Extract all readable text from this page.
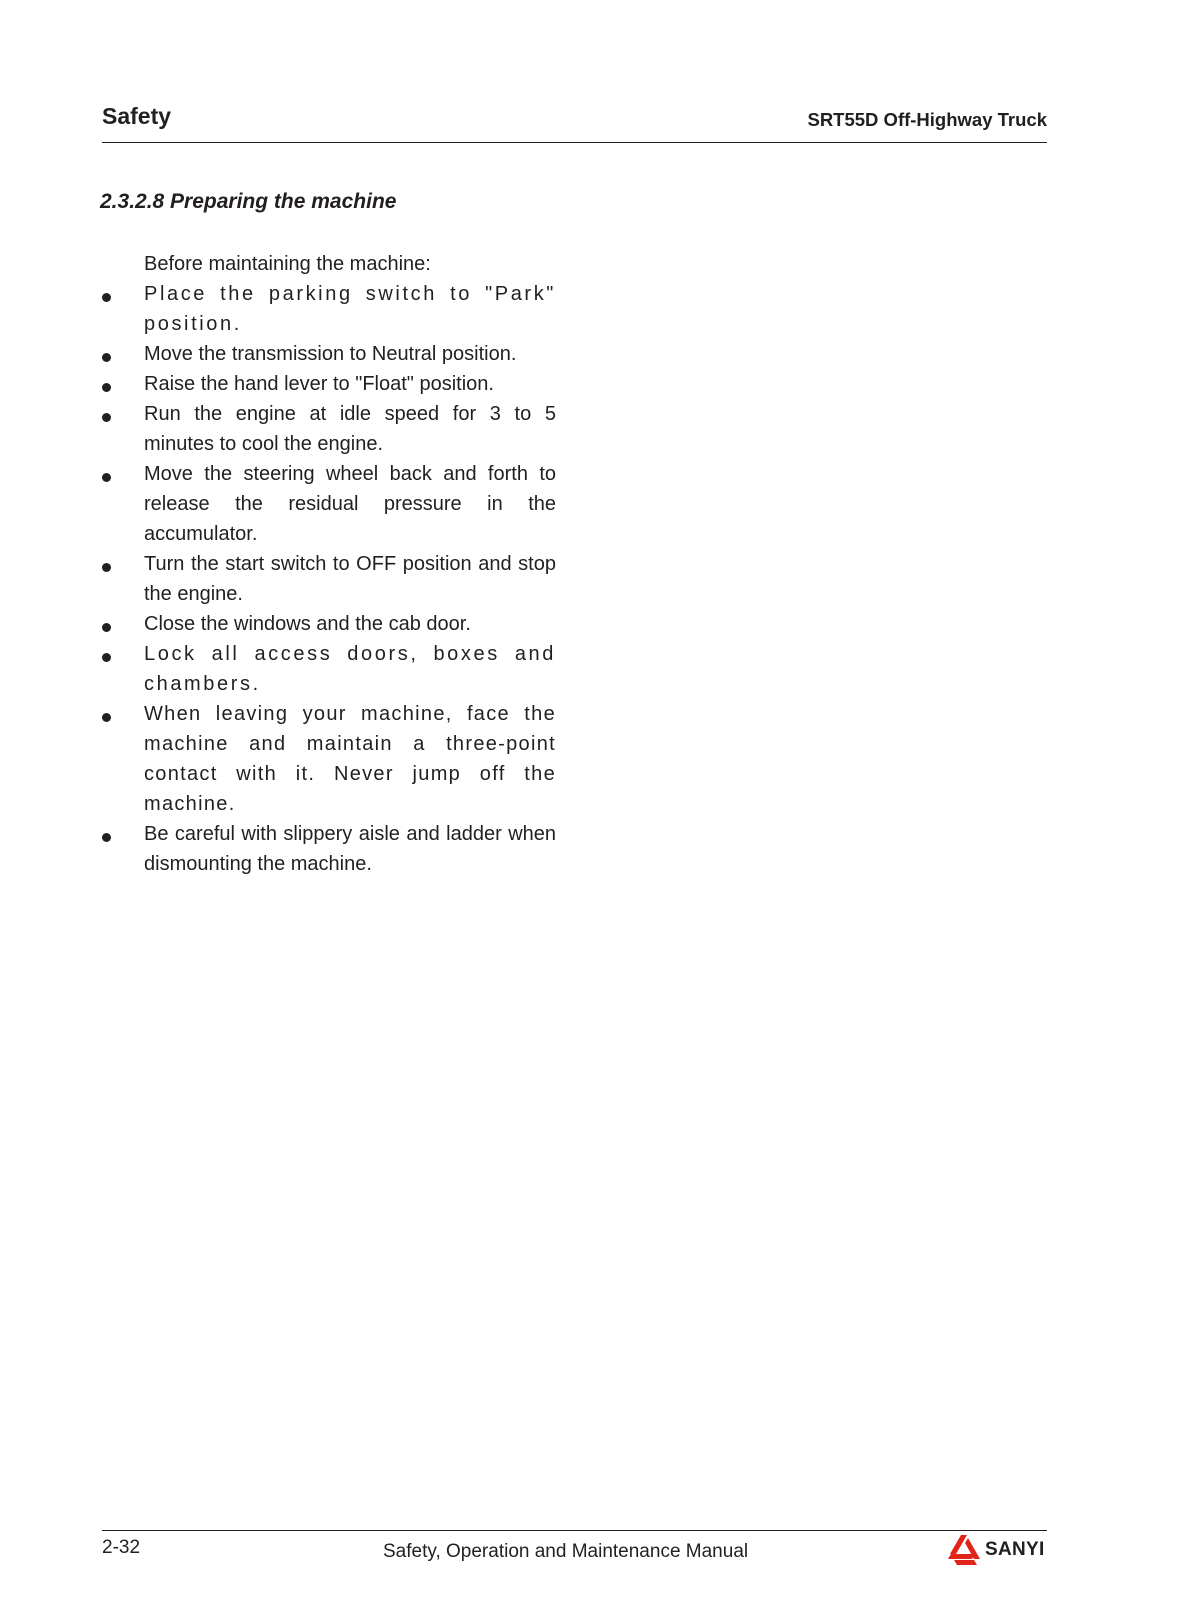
Safety	SRT55D Off-Highway Truck
2.3.2.8 Preparing the machine

Before maintaining the machine:

Place the parking switch to "Park" position.
Move the transmission to Neutral position.
Raise the hand lever to "Float" position.
Run the engine at idle speed for 3 to 5 minutes to cool the engine.
Move the steering wheel back and forth to release the residual pressure in the accumulator.
Turn the start switch to OFF position and stop the engine.
Close the windows and the cab door.
Lock all access doors, boxes and chambers.
When leaving your machine, face the machine and maintain a three-point contact with it. Never jump off the machine.
Be careful with slippery aisle and ladder when dismounting the machine.
2-32	Safety, Operation and Maintenance Manual	SANYI
